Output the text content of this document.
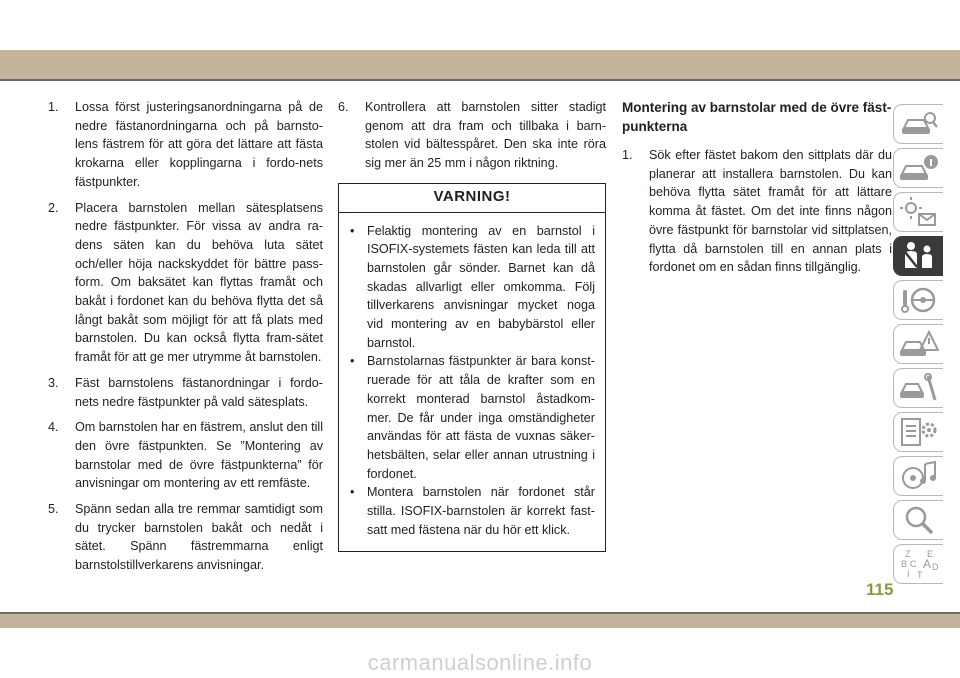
1. Lossa först justeringsanordningarna på de nedre fästanordningarna och på barnsto-lens fästrem för att göra det lättare att fästa krokarna eller kopplingarna i fordo-nets fästpunkter.
2. Placera barnstolen mellan sätesplatsens nedre fästpunkter. För vissa av andra ra-dens säten kan du behöva luta sätet och/eller höja nackskyddet för bättre pass-form. Om baksätet kan flyttas framåt och bakåt i fordonet kan du behöva flytta det så långt bakåt som möjligt för att få plats med barnstolen. Du kan också flytta fram-sätet framåt för att ge mer utrymme åt barnstolen.
3. Fäst barnstolens fästanordningar i fordo-nets nedre fästpunkter på vald sätesplats.
4. Om barnstolen har en fästrem, anslut den till den övre fästpunkten. Se ”Montering av barnstolar med de övre fästpunkterna” för anvisningar om montering av ett remfäste.
5. Spänn sedan alla tre remmar samtidigt som du trycker barnstolen bakåt och nedåt i sätet. Spänn fästremmarna enligt barnstolstillverkarens anvisningar.
6. Kontrollera att barnstolen sitter stadigt genom att dra fram och tillbaka i barn-stolen vid bältesspåret. Den ska inte röra sig mer än 25 mm i någon riktning.
VARNING!
• Felaktig montering av en barnstol i ISOFIX-systemets fästen kan leda till att barnstolen går sönder. Barnet kan då skadas allvarligt eller omkomma. Följ tillverkarens anvisningar mycket noga vid montering av en babybärstol eller barnstol.
• Barnstolarnas fästpunkter är bara konst-ruerade för att tåla de krafter som en korrekt monterad barnstol åstadkom-mer. De får under inga omständigheter användas för att fästa de vuxnas säker-hetsbälten, selar eller annan utrustning i fordonet.
• Montera barnstolen när fordonet står stilla. ISOFIX-barnstolen är korrekt fast-satt med fästena när du hör ett klick.
Montering av barnstolar med de övre fäst-punkterna
1. Sök efter fästet bakom den sittplats där du planerar att installera barnstolen. Du kan behöva flytta sätet framåt för att lättare komma åt fästet. Om det inte finns någon övre fästpunkt för barnstolar vid sittplatsen, flytta då barnstolen till en annan plats i fordonet om en sådan finns tillgänglig.
Z E
B A
C D
I T
115
carmanualsonline.info
